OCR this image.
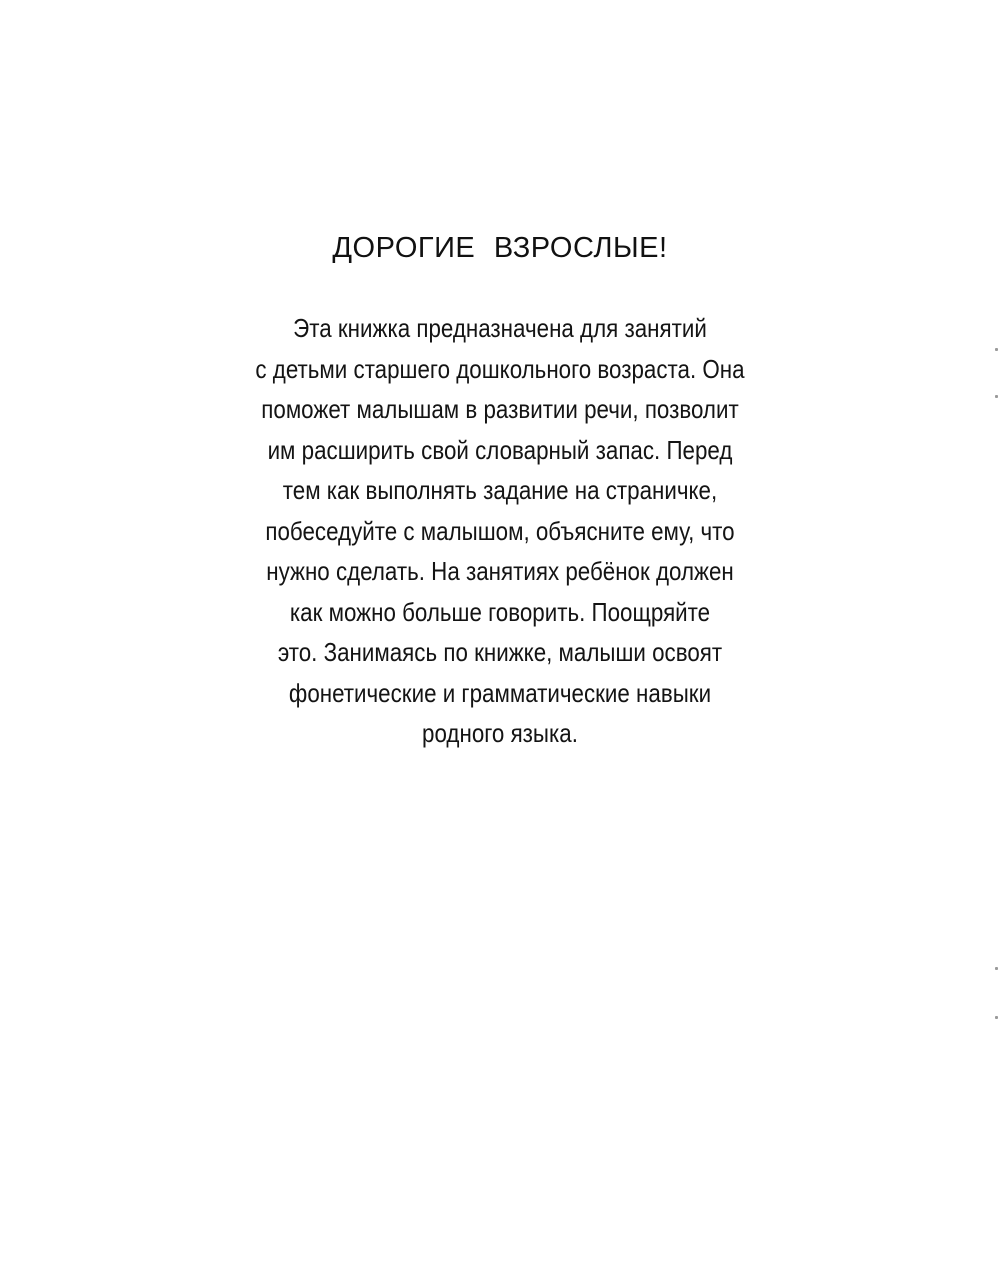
ДОРОГИЕ ВЗРОСЛЫЕ!
Эта книжка предназначена для занятий
с детьми старшего дошкольного возраста. Она
поможет малышам в развитии речи, позволит
им расширить свой словарный запас. Перед
тем как выполнять задание на страничке,
побеседуйте с малышом, объясните ему, что
нужно сделать. На занятиях ребёнок должен
как можно больше говорить. Поощряйте
это. Занимаясь по книжке, малыши освоят
фонетические и грамматические навыки
родного языка.
